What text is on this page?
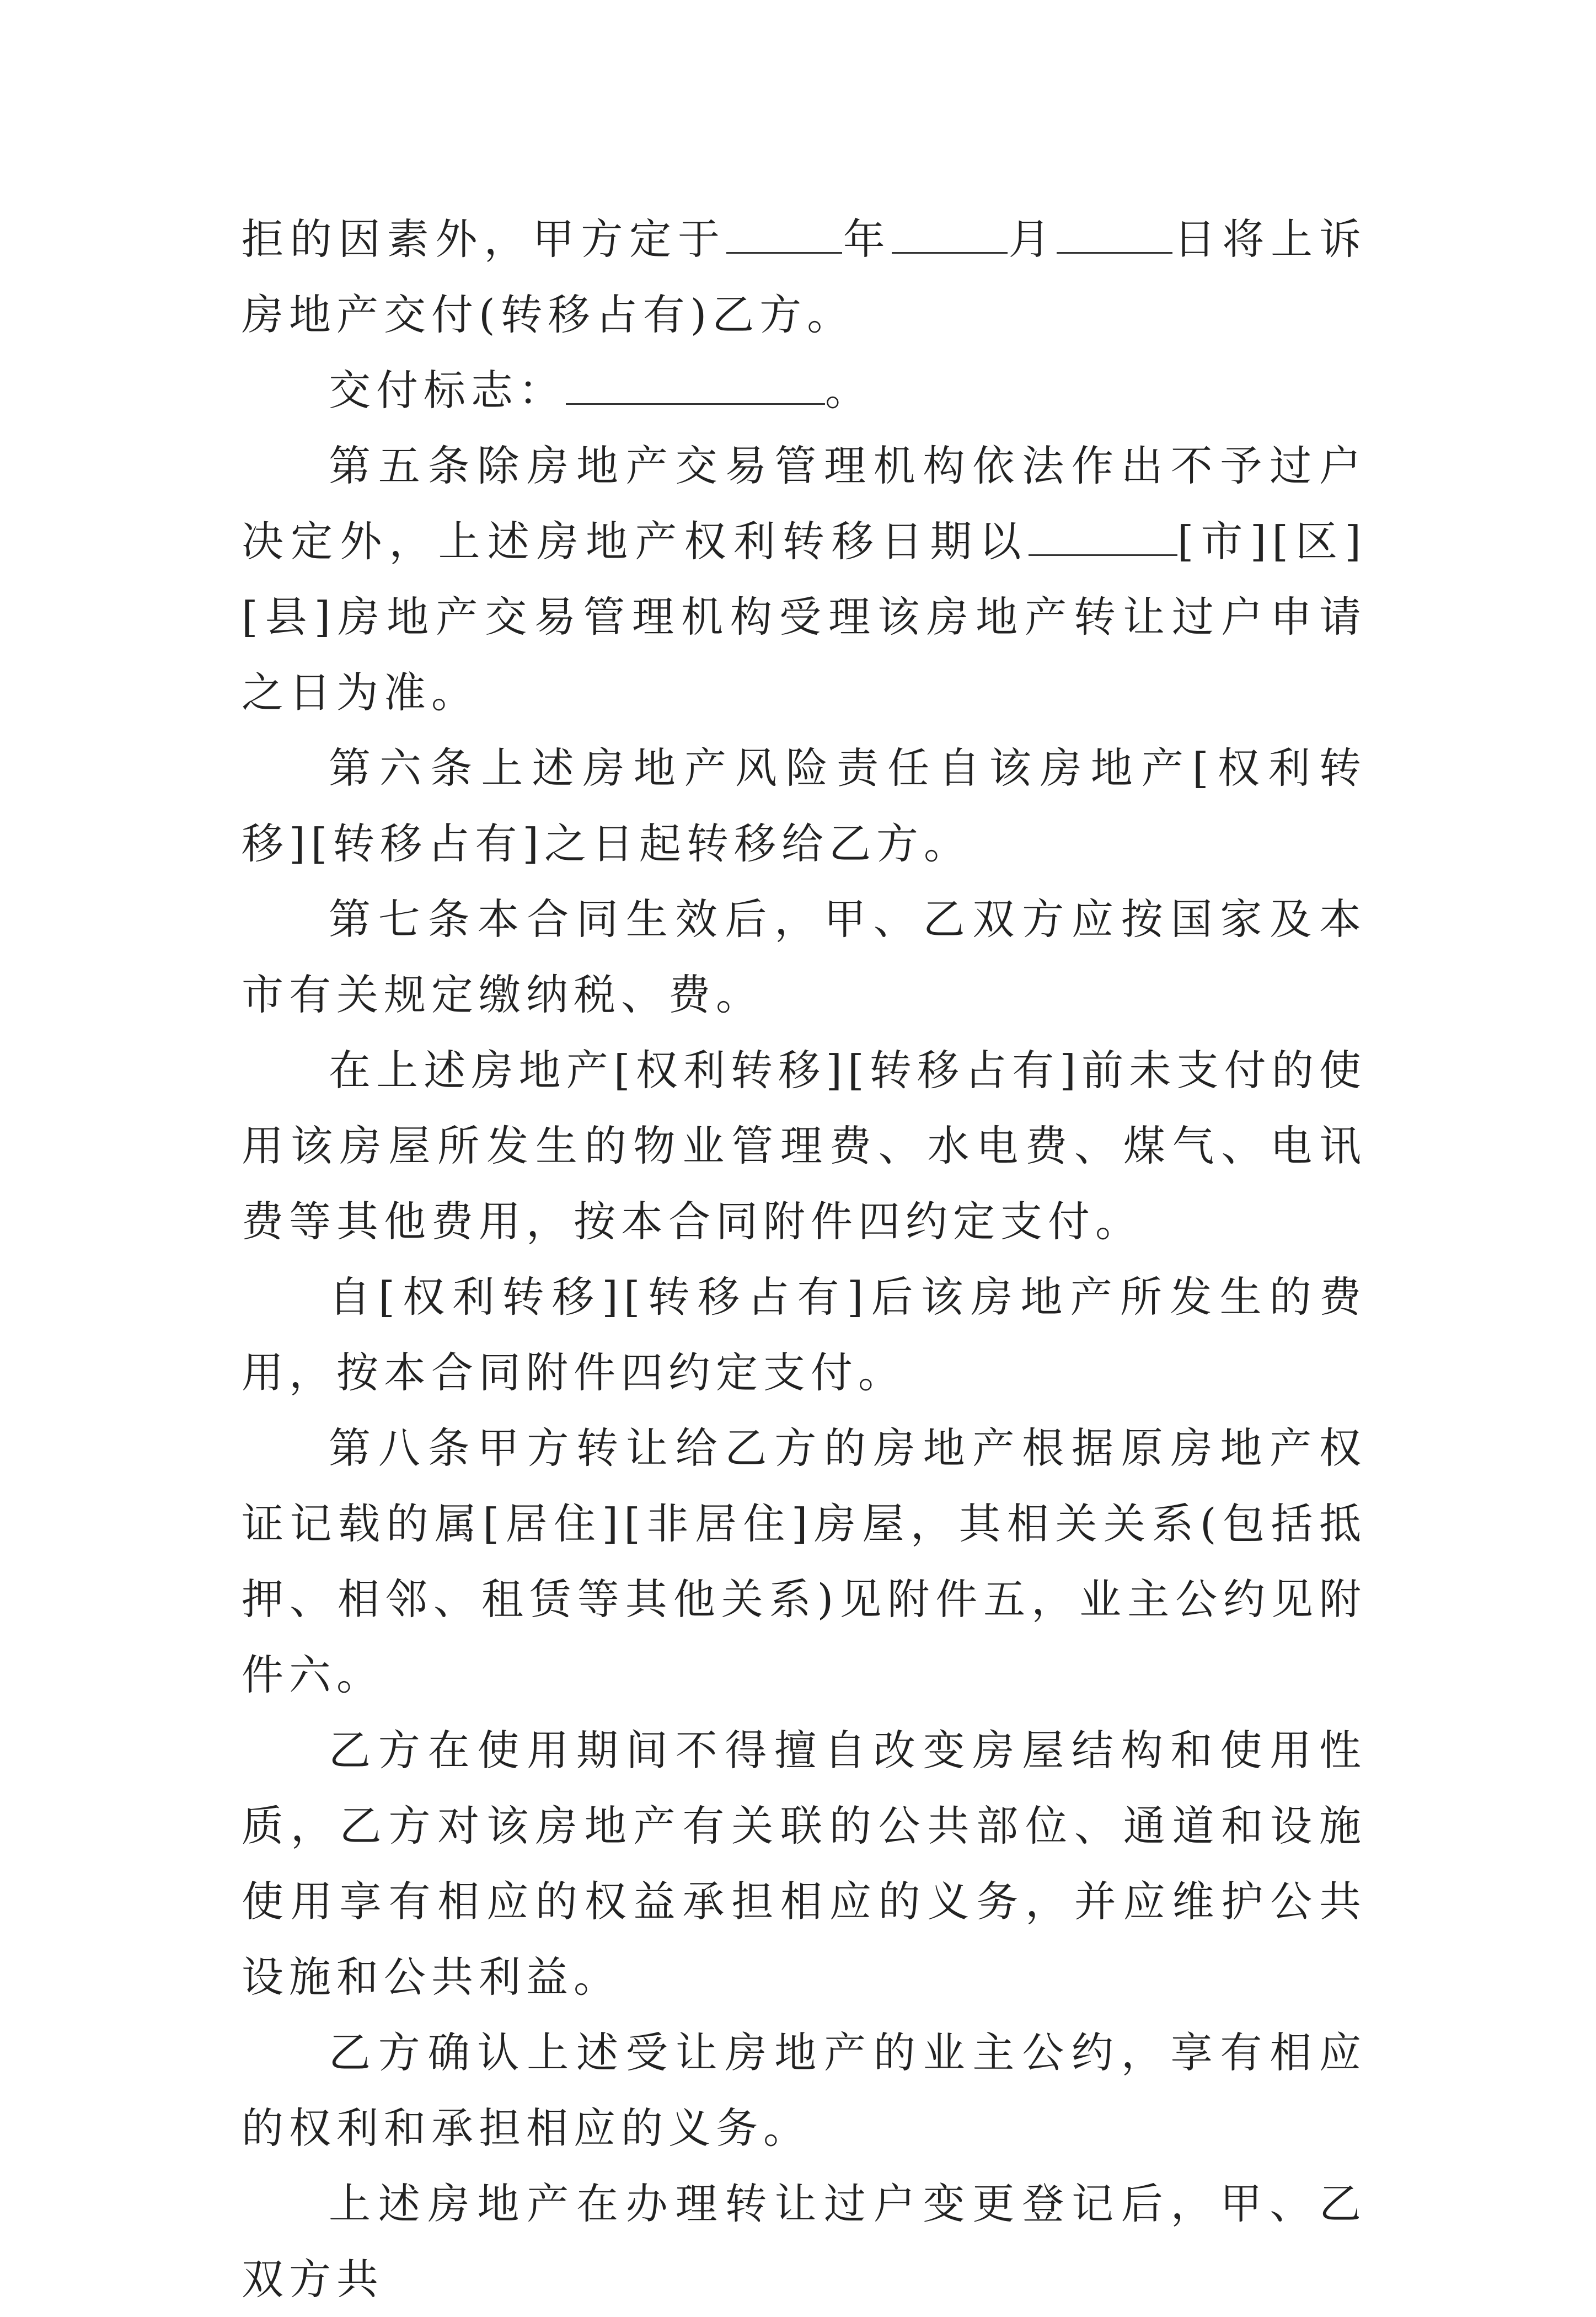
拒的因素外，甲方定于	年	月	日将上诉房地产交付(转移占有)乙方。

交付标志：	。

第五条除房地产交易管理机构依法作出不予过户决定外，上述房地产权利转移日期以	[市][区][县]房地产交易管理机构受理该房地产转让过户申请之日为准。

第六条上述房地产风险责任自该房地产[权利转移][转移占有]之日起转移给乙方。

第七条本合同生效后，甲、乙双方应按国家及本市有关规定缴纳税、费。

在上述房地产[权利转移][转移占有]前未支付的使用该房屋所发生的物业管理费、水电费、煤气、电讯费等其他费用，按本合同附件四约定支付。

自[权利转移][转移占有]后该房地产所发生的费用，按本合同附件四约定支付。

第八条甲方转让给乙方的房地产根据原房地产权证记载的属[居住][非居住]房屋，其相关关系(包括抵押、相邻、租赁等其他关系)见附件五，业主公约见附件六。

乙方在使用期间不得擅自改变房屋结构和使用性质，乙方对该房地产有关联的公共部位、通道和设施使用享有相应的权益承担相应的义务，并应维护公共设施和公共利益。

乙方确认上述受让房地产的业主公约，享有相应的权利和承担相应的义务。

上述房地产在办理转让过户变更登记后，甲、乙双方共
